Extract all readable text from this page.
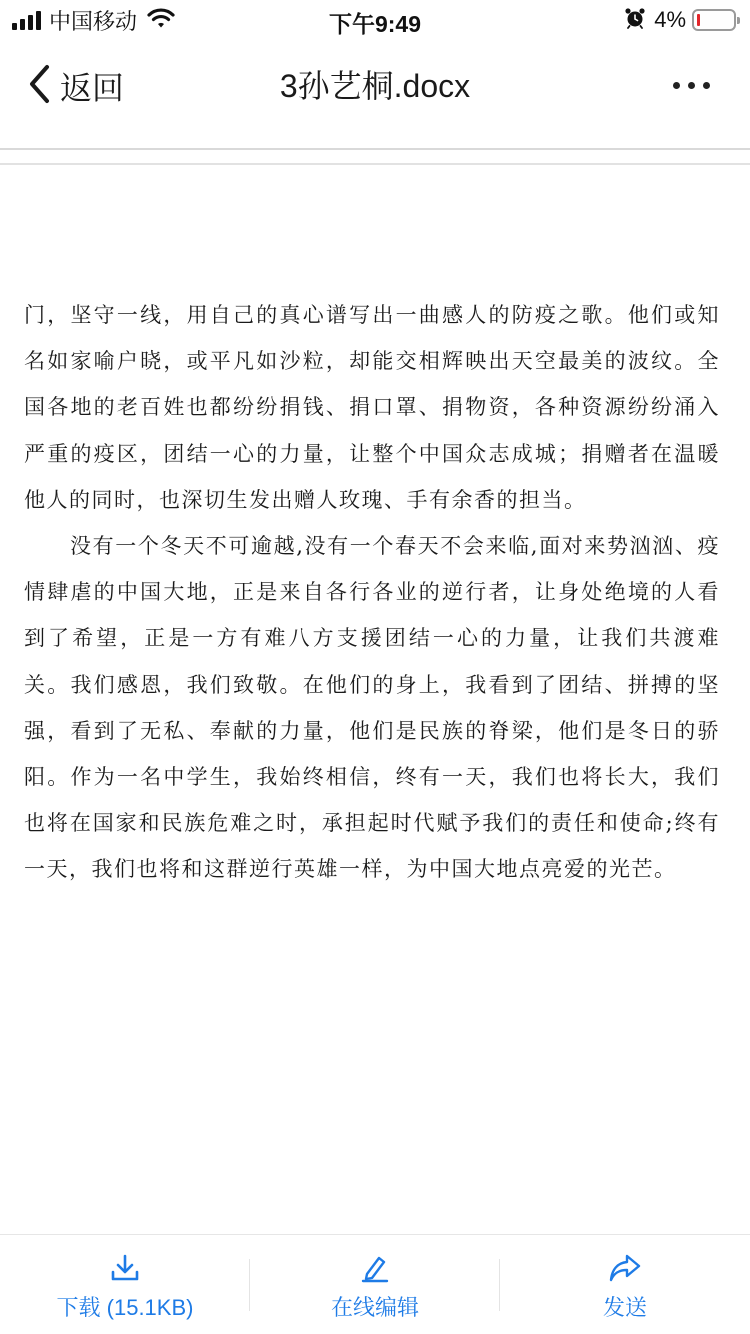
中国移动	下午9:49	4%
返回	3孙艺桐.docx

门，坚守一线，用自己的真心谱写出一曲感人的防疫之歌。他们或知名如家喻户晓，或平凡如沙粒，却能交相辉映出天空最美的波纹。全国各地的老百姓也都纷纷捐钱、捐口罩、捐物资，各种资源纷纷涌入严重的疫区，团结一心的力量，让整个中国众志成城；捐赠者在温暖他人的同时，也深切生发出赠人玫瑰、手有余香的担当。

没有一个冬天不可逾越,没有一个春天不会来临,面对来势汹汹、疫情肆虐的中国大地，正是来自各行各业的逆行者，让身处绝境的人看到了希望，正是一方有难八方支援团结一心的力量，让我们共渡难关。我们感恩，我们致敬。在他们的身上，我看到了团结、拼搏的坚强，看到了无私、奉献的力量，他们是民族的脊梁，他们是冬日的骄阳。作为一名中学生，我始终相信，终有一天，我们也将长大，我们也将在国家和民族危难之时，承担起时代赋予我们的责任和使命;终有一天，我们也将和这群逆行英雄一样，为中国大地点亮爱的光芒。

下载 (15.1KB)	在线编辑	发送
